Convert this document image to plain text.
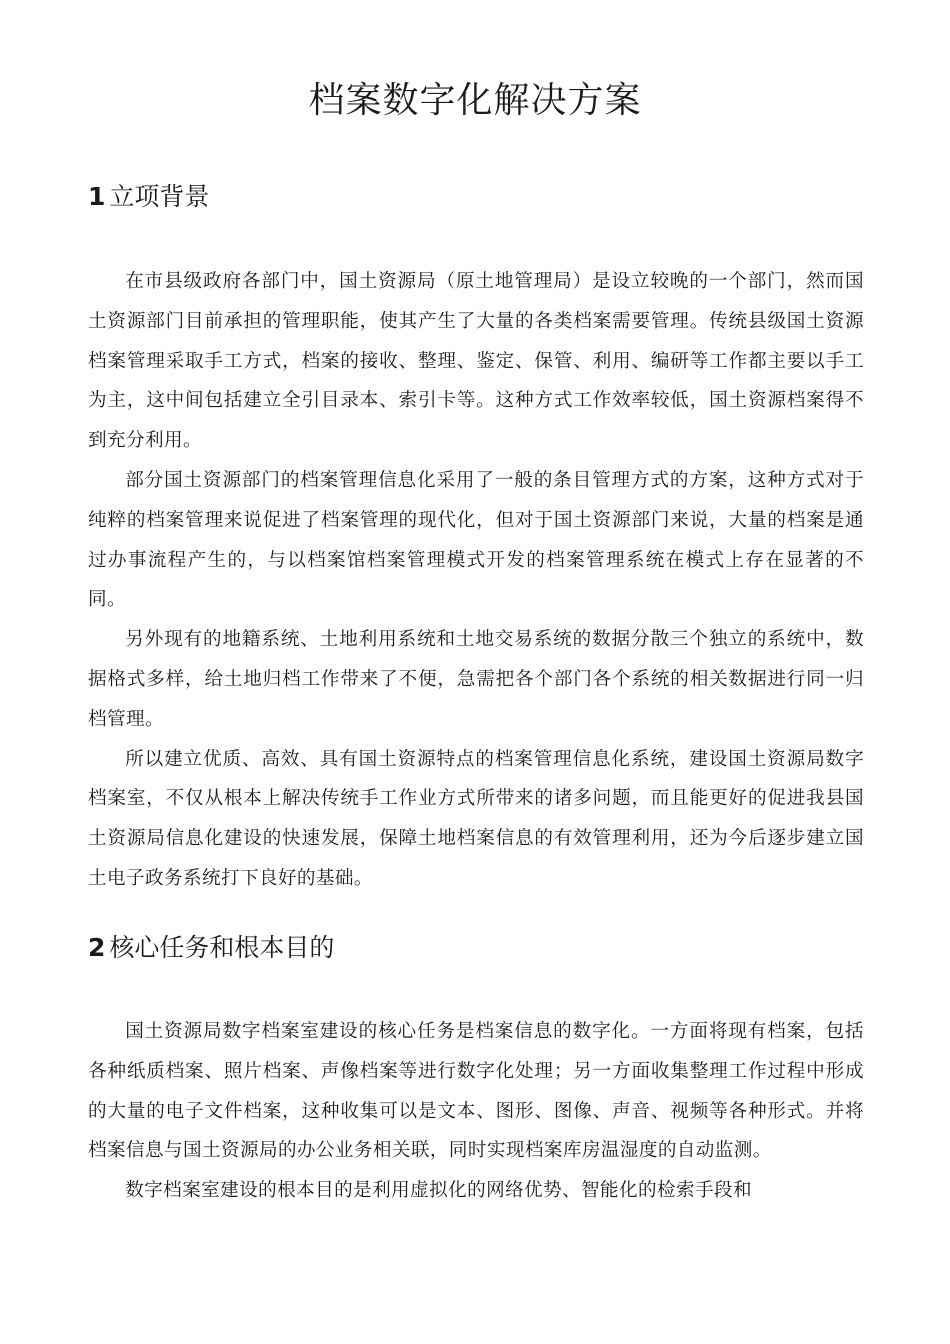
档案数字化解决方案
1 立项背景

在市县级政府各部门中，国土资源局（原土地管理局）是设立较晚的一个部门，然而国土资源部门目前承担的管理职能，使其产生了大量的各类档案需要管理。传统县级国土资源档案管理采取手工方式，档案的接收、整理、鉴定、保管、利用、编研等工作都主要以手工为主，这中间包括建立全引目录本、索引卡等。这种方式工作效率较低，国土资源档案得不到充分利用。

部分国土资源部门的档案管理信息化采用了一般的条目管理方式的方案，这种方式对于纯粹的档案管理来说促进了档案管理的现代化，但对于国土资源部门来说，大量的档案是通过办事流程产生的，与以档案馆档案管理模式开发的档案管理系统在模式上存在显著的不同。

另外现有的地籍系统、土地利用系统和土地交易系统的数据分散三个独立的系统中，数据格式多样，给土地归档工作带来了不便，急需把各个部门各个系统的相关数据进行同一归档管理。

所以建立优质、高效、具有国土资源特点的档案管理信息化系统，建设国土资源局数字档案室，不仅从根本上解决传统手工作业方式所带来的诸多问题，而且能更好的促进我县国土资源局信息化建设的快速发展，保障土地档案信息的有效管理利用，还为今后逐步建立国土电子政务系统打下良好的基础。

2 核心任务和根本目的

国土资源局数字档案室建设的核心任务是档案信息的数字化。一方面将现有档案，包括各种纸质档案、照片档案、声像档案等进行数字化处理；另一方面收集整理工作过程中形成的大量的电子文件档案，这种收集可以是文本、图形、图像、声音、视频等各种形式。并将档案信息与国土资源局的办公业务相关联，同时实现档案库房温湿度的自动监测。

数字档案室建设的根本目的是利用虚拟化的网络优势、智能化的检索手段和
